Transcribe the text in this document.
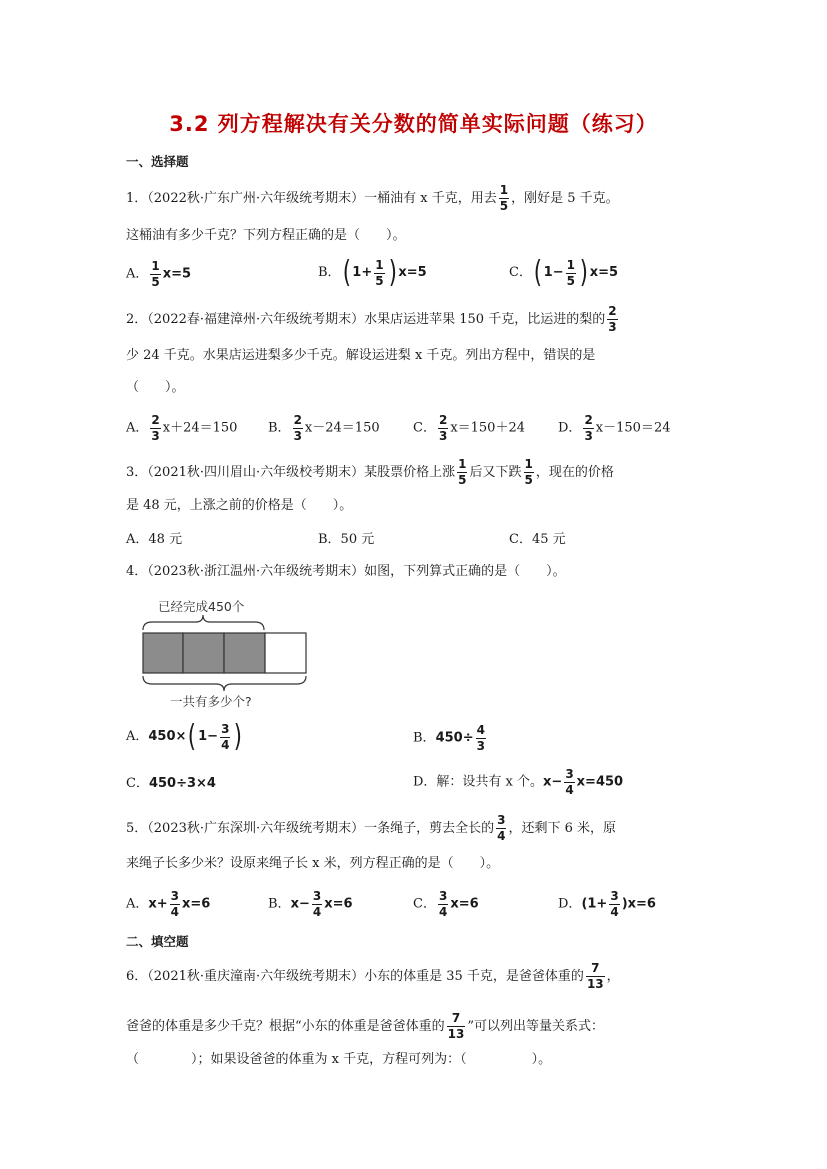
3.2 列方程解决有关分数的简单实际问题（练习）
一、选择题
1．（2022秋·广东广州·六年级统考期末）一桶油有 x 千克，用去 $\frac{1}{5}$ ，刚好是 5 千克。
这桶油有多少千克？下列方程正确的是（　　）。
A． $\frac{1}{5} x=5$	B．( $1+ \frac{1}{5}$ ) x=5	C．( $1- \frac{1}{5}$ ) x=5
2．（2022春·福建漳州·六年级统考期末）水果店运进苹果 150 千克，比运进的梨的 $\frac{2}{3}$
少 24 千克。水果店运进梨多少千克。解设运进梨 x 千克。列出方程中，错误的是
（　　）。
A． $\frac{2}{3} x+24=150$ B． $\frac{2}{3} x-24=150$	C． $\frac{2}{3} x=150+24$	D． $\frac{2}{3} x-150=24$
3．（2021秋·四川眉山·六年级校考期末）某股票价格上涨 $\frac{1}{5}$ 后又下跌 $\frac{1}{5}$ ，现在的价格
是 48 元，上涨之前的价格是（　　）。
A．48 元	B．50 元	C．45 元
4．（2023秋·浙江温州·六年级统考期末）如图，下列算式正确的是（　　）。
已经完成450个
一共有多少个?
A．450×( $1- \frac{3}{4}$ )	B．$450\div \frac{4}{3}$
C．450÷3×4	D．解：设共有 x 个。$x- \frac{3}{4} x=450$
5．（2023秋·广东深圳·六年级统考期末）一条绳子，剪去全长的 $\frac{3}{4}$ ，还剩下 6 米，原
来绳子长多少米？设原来绳子长 x 米，列方程正确的是（　　）。
A．$x+ \frac{3}{4} x=6$	B．$x- \frac{3}{4} x=6$	C． $\frac{3}{4} x=6$	D．$(1+ \frac{3}{4} )x=6$
二、填空题
6．（2021秋·重庆潼南·六年级统考期末）小东的体重是 35 千克，是爸爸体重的 $\frac{7}{13}$ ，
爸爸的体重是多少千克？根据“小东的体重是爸爸体重的 $\frac{7}{13}$ ”可以列出等量关系式：
（　　　　）；如果设爸爸的体重为 x 千克，方程可列为：（　　　　　）。
